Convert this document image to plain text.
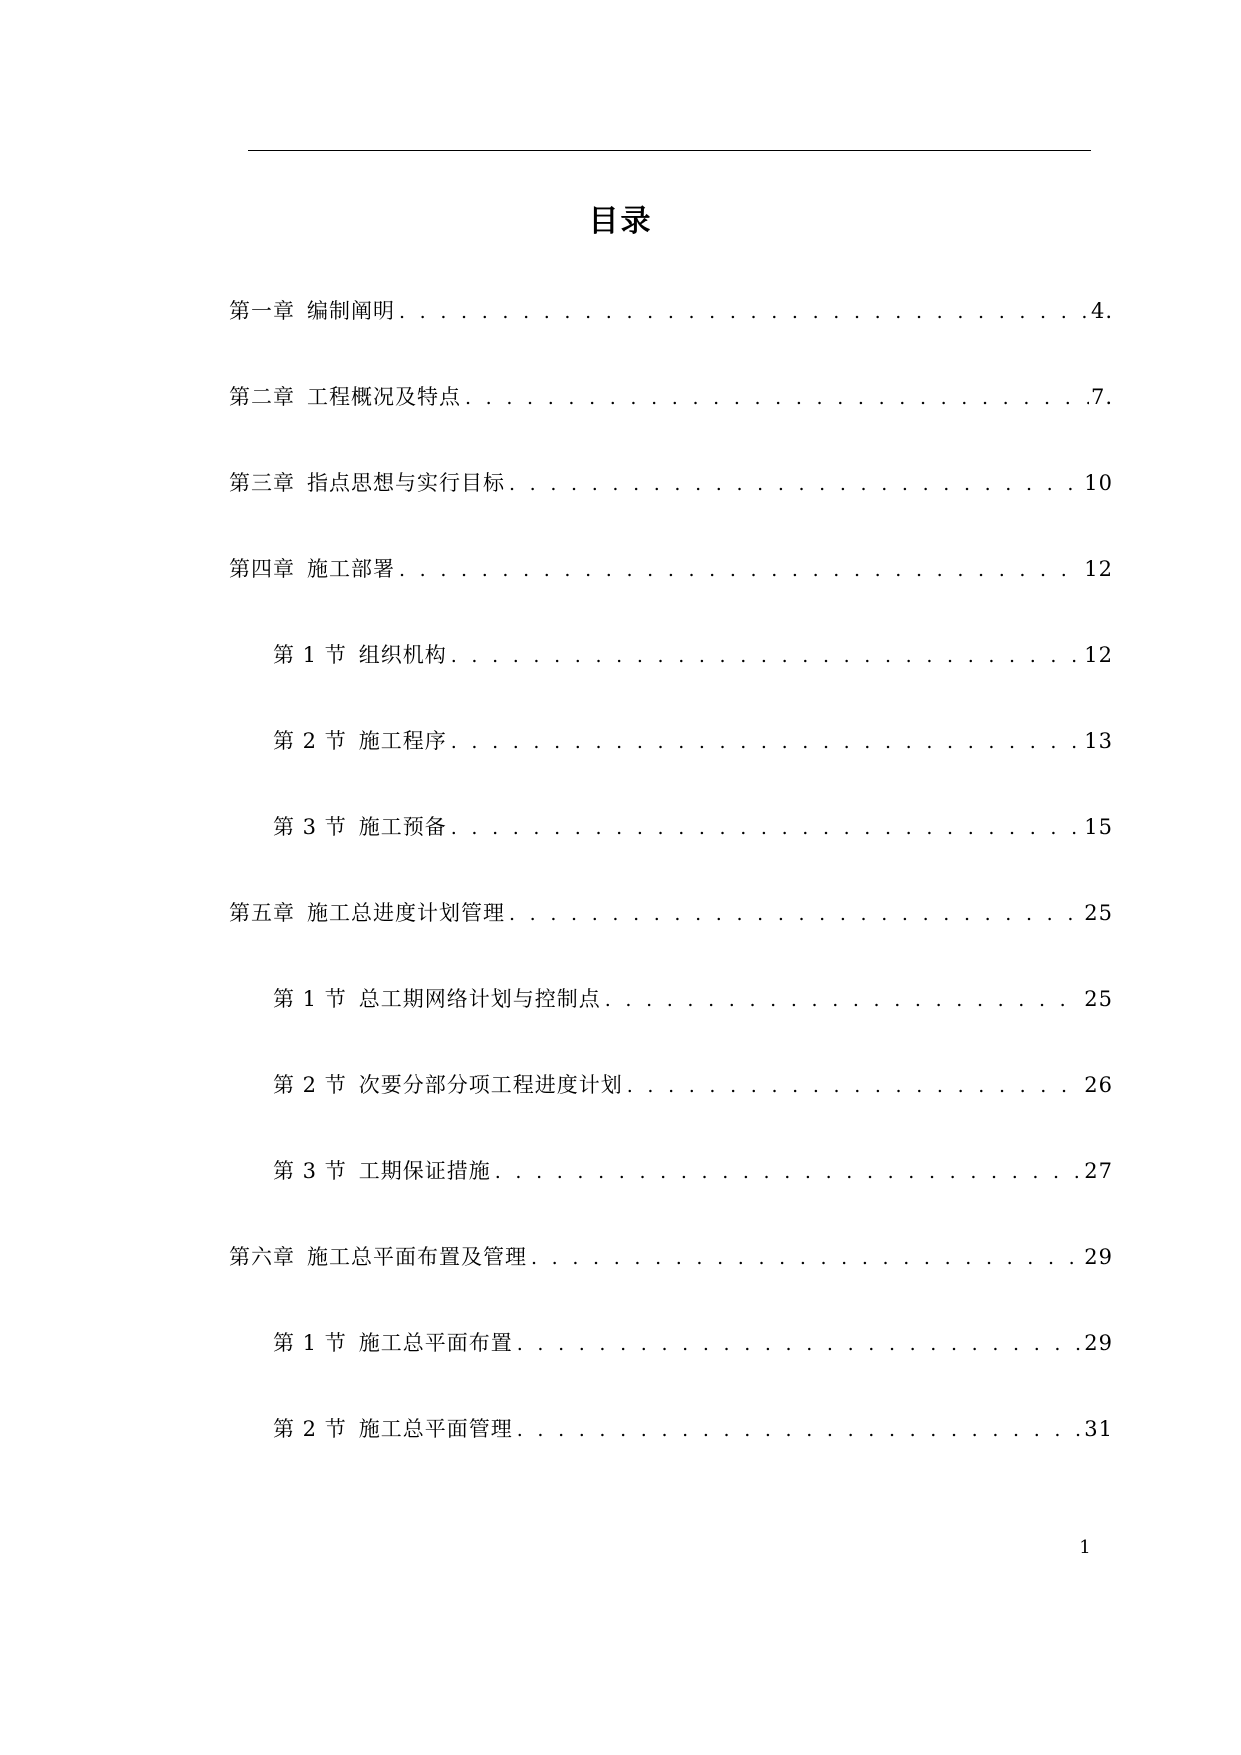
目录
第一章 编制阐明 . . .	4.
第二章 工程概况及特点 . . .	7.
第三章 指点思想与实行目标 . . .	10
第四章 施工部署 . . .	12
第 1 节 组织机构 . . .	12
第 2 节 施工程序 . . .	13
第 3 节 施工预备 . . .	15
第五章 施工总进度计划管理 . . .	25
第 1 节 总工期网络计划与控制点 . . .	25
第 2 节 次要分部分项工程进度计划 . . .	26
第 3 节 工期保证措施 . . .	27
第六章 施工总平面布置及管理 . . .	29
第 1 节 施工总平面布置 . . .	29
第 2 节 施工总平面管理 . . .	31
1
